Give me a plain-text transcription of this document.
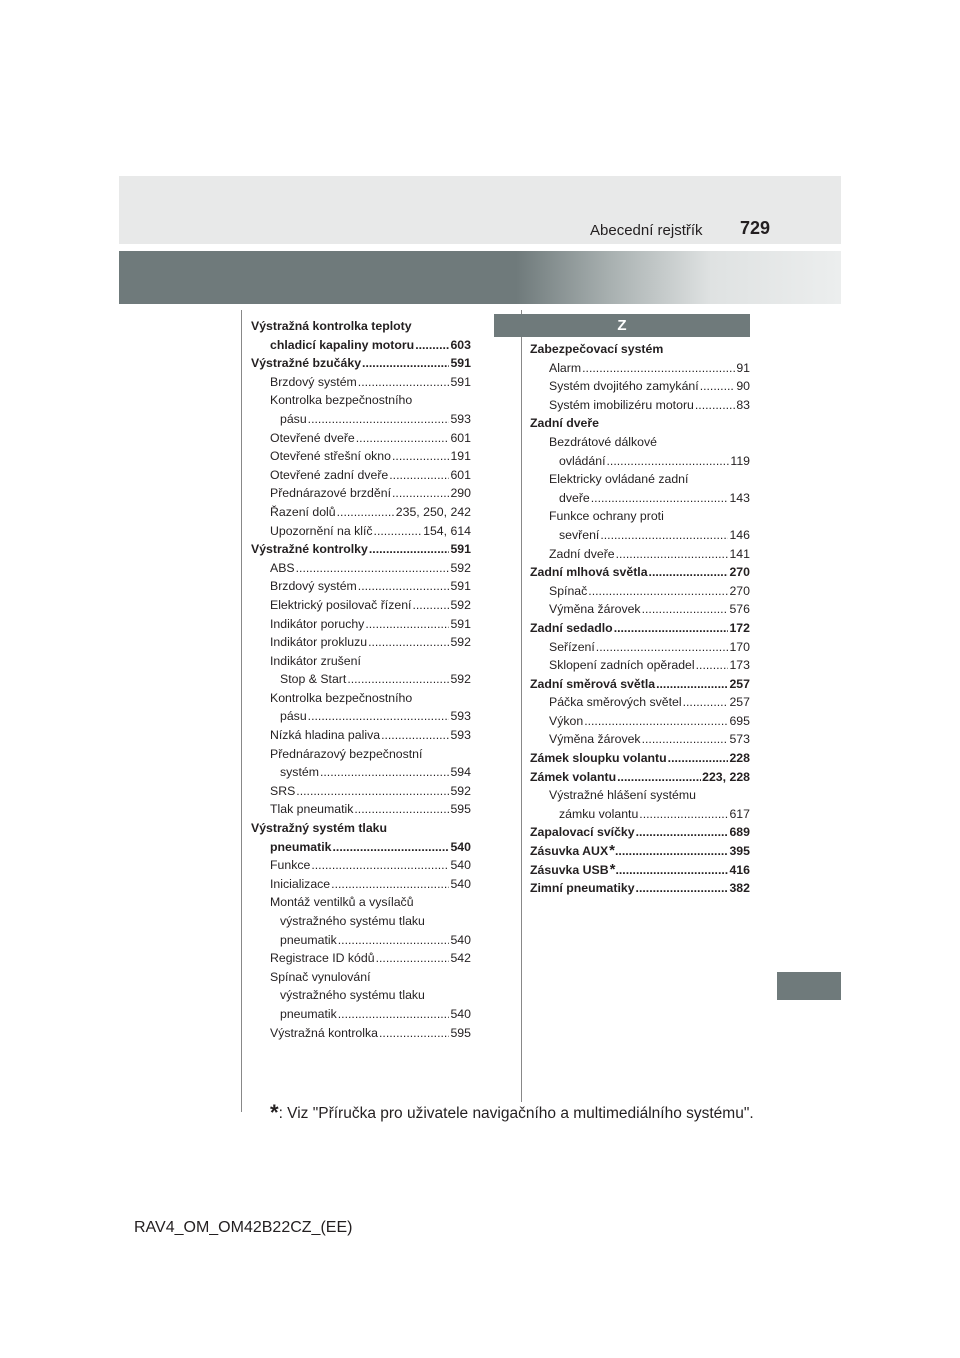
Abecední rejstřík 729
Výstražná kontrolka teploty
chladicí kapaliny motoru .....	603
Výstražné bzučáky .....	591
Brzdový systém .....	591
Kontrolka bezpečnostního
pásu .....	593
Otevřené dveře .....	601
Otevřené střešní okno .....	191
Otevřené zadní dveře .....	601
Přednárazové brzdění .....	290
Řazení dolů .....	235, 250, 242
Upozornění na klíč .....	154, 614
Výstražné kontrolky .....	591
ABS .....	592
Brzdový systém .....	591
Elektrický posilovač řízení .....	592
Indikátor poruchy .....	591
Indikátor prokluzu .....	592
Indikátor zrušení
Stop & Start .....	592
Kontrolka bezpečnostního
pásu .....	593
Nízká hladina paliva .....	593
Přednárazový bezpečnostní
systém .....	594
SRS .....	592
Tlak pneumatik .....	595
Výstražný systém tlaku
pneumatik .....	540
Funkce .....	540
Inicializace .....	540
Montáž ventilků a vysílačů
výstražného systému tlaku
pneumatik .....	540
Registrace ID kódů .....	542
Spínač vynulování
výstražného systému tlaku
pneumatik .....	540
Výstražná kontrolka .....	595
Z
Zabezpečovací systém
Alarm .....	91
Systém dvojitého zamykání .....	90
Systém imobilizéru motoru .....	83
Zadní dveře
Bezdrátové dálkové
ovládání .....	119
Elektricky ovládané zadní
dveře .....	143
Funkce ochrany proti
sevření .....	146
Zadní dveře .....	141
Zadní mlhová světla .....	270
Spínač .....	270
Výměna žárovek .....	576
Zadní sedadlo .....	172
Seřízení .....	170
Sklopení zadních opěradel .....	173
Zadní směrová světla .....	257
Páčka směrových světel .....	257
Výkon .....	695
Výměna žárovek .....	573
Zámek sloupku volantu .....	228
Zámek volantu .....	223, 228
Výstražné hlášení systému
zámku volantu .....	617
Zapalovací svíčky .....	689
Zásuvka AUX * .....	395
Zásuvka USB * .....	416
Zimní pneumatiky .....	382
*: Viz "Příručka pro uživatele navigačního a multimediálního systému".
RAV4_OM_OM42B22CZ_(EE)
